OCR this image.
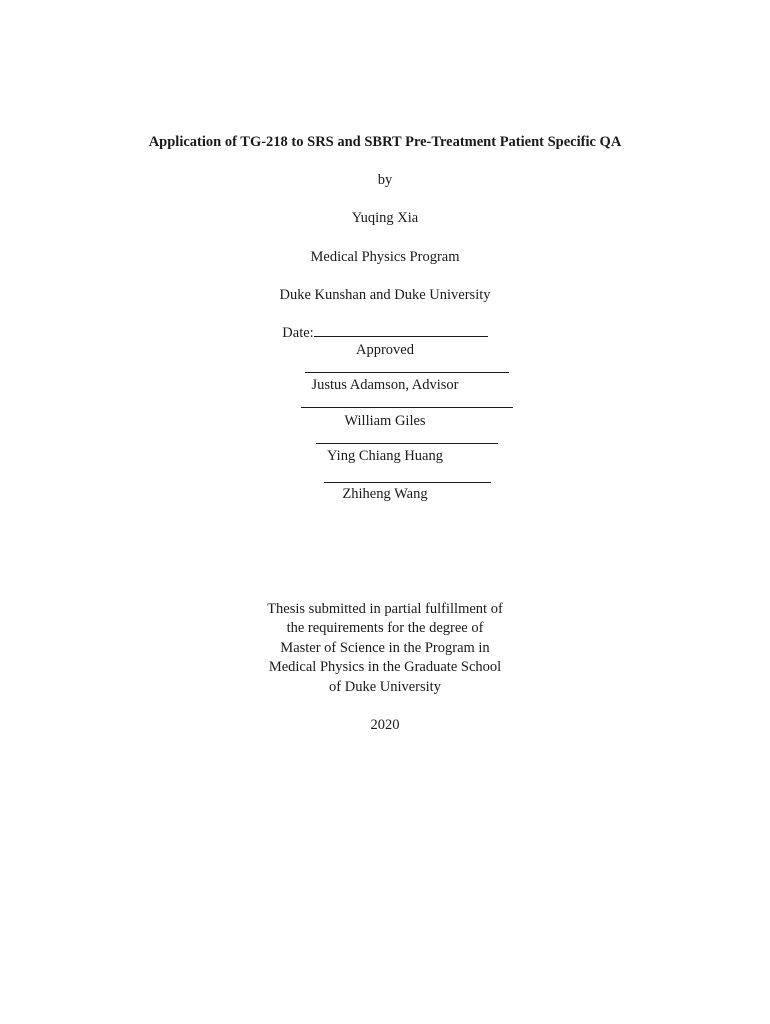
Application of TG-218 to SRS and SBRT Pre-Treatment Patient Specific QA
by
Yuqing Xia
Medical Physics Program
Duke Kunshan and Duke University
Date:
Approved
Justus Adamson, Advisor
William Giles
Ying Chiang Huang
Zhiheng Wang
Thesis submitted in partial fulfillment of
the requirements for the degree of
Master of Science in the Program in
Medical Physics in the Graduate School
of Duke University
2020
